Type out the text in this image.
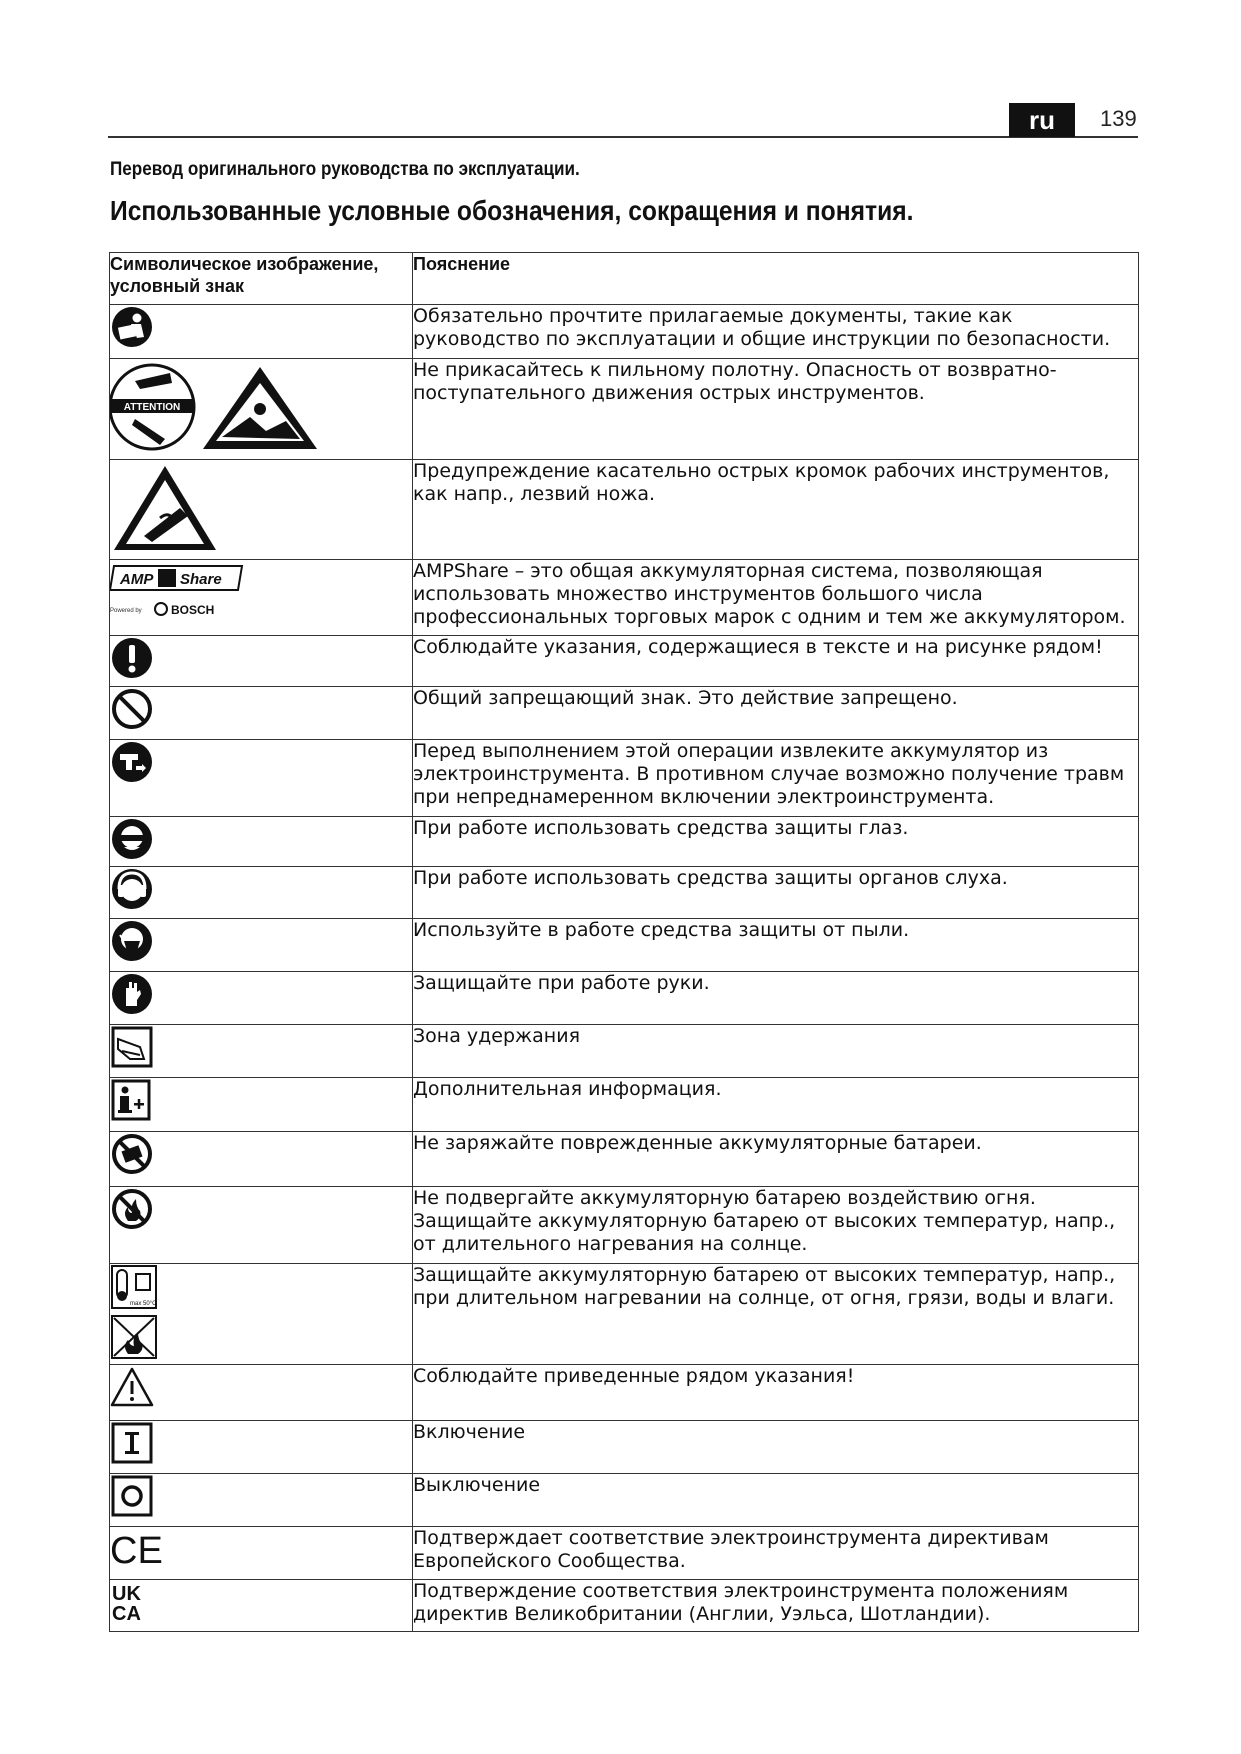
ru	139
Перевод оригинального руководства по эксплуатации.
Использованные условные обозначения, сокращения и понятия.
Символическое изображение, условный знак	Пояснение

	Обязательно прочтите прилагаемые документы, такие как руководство по эксплуатации и общие инструкции по безопасности.

ATTENTION	Не прикасайтесь к пильному полотну. Опасность от возвратно-поступательного движения острых инструментов.

	Предупреждение касательно острых кромок рабочих инструментов, как напр., лезвий ножа.

AMP Share
Powered by BOSCH	AMPShare – это общая аккумуляторная система, позволяющая использовать множество инструментов большого числа профессиональных торговых марок с одним и тем же аккумулятором.

	Соблюдайте указания, содержащиеся в тексте и на рисунке рядом!

	Общий запрещающий знак. Это действие запрещено.

	Перед выполнением этой операции извлеките аккумулятор из электроинструмента. В противном случае возможно получение травм при непреднамеренном включении электроинструмента.

	При работе использовать средства защиты глаз.

	При работе использовать средства защиты органов слуха.

	Используйте в работе средства защиты от пыли.

	Защищайте при работе руки.

	Зона удержания

	Дополнительная информация.

	Не заряжайте поврежденные аккумуляторные батареи.

	Не подвергайте аккумуляторную батарею воздействию огня. Защищайте аккумуляторную батарею от высоких температур, напр., от длительного нагревания на солнце.

max 50°C	Защищайте аккумуляторную батарею от высоких температур, напр., при длительном нагревании на солнце, от огня, грязи, воды и влаги.

	Соблюдайте приведенные рядом указания!

	Включение

	Выключение

CE	Подтверждает соответствие электроинструмента директивам Европейского Сообщества.

UK
CA	Подтверждение соответствия электроинструмента положениям директив Великобритании (Англии, Уэльса, Шотландии).
